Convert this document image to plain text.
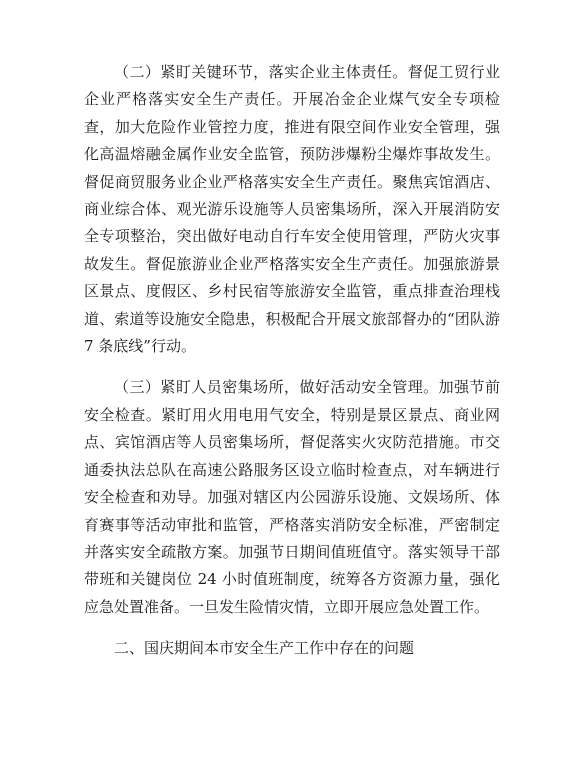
（二）紧盯关键环节，落实企业主体责任。督促工贸行业企业严格落实安全生产责任。开展冶金企业煤气安全专项检查，加大危险作业管控力度，推进有限空间作业安全管理，强化高温熔融金属作业安全监管，预防涉爆粉尘爆炸事故发生。督促商贸服务业企业严格落实安全生产责任。聚焦宾馆酒店、商业综合体、观光游乐设施等人员密集场所，深入开展消防安全专项整治，突出做好电动自行车安全使用管理，严防火灾事故发生。督促旅游业企业严格落实安全生产责任。加强旅游景区景点、度假区、乡村民宿等旅游安全监管，重点排查治理栈道、索道等设施安全隐患，积极配合开展文旅部督办的“团队游 7 条底线”行动。

（三）紧盯人员密集场所，做好活动安全管理。加强节前安全检查。紧盯用火用电用气安全，特别是景区景点、商业网点、宾馆酒店等人员密集场所，督促落实火灾防范措施。市交通委执法总队在高速公路服务区设立临时检查点，对车辆进行安全检查和劝导。加强对辖区内公园游乐设施、文娱场所、体育赛事等活动审批和监管，严格落实消防安全标准，严密制定并落实安全疏散方案。加强节日期间值班值守。落实领导干部带班和关键岗位 24 小时值班制度，统筹各方资源力量，强化应急处置准备。一旦发生险情灾情，立即开展应急处置工作。

二、国庆期间本市安全生产工作中存在的问题
